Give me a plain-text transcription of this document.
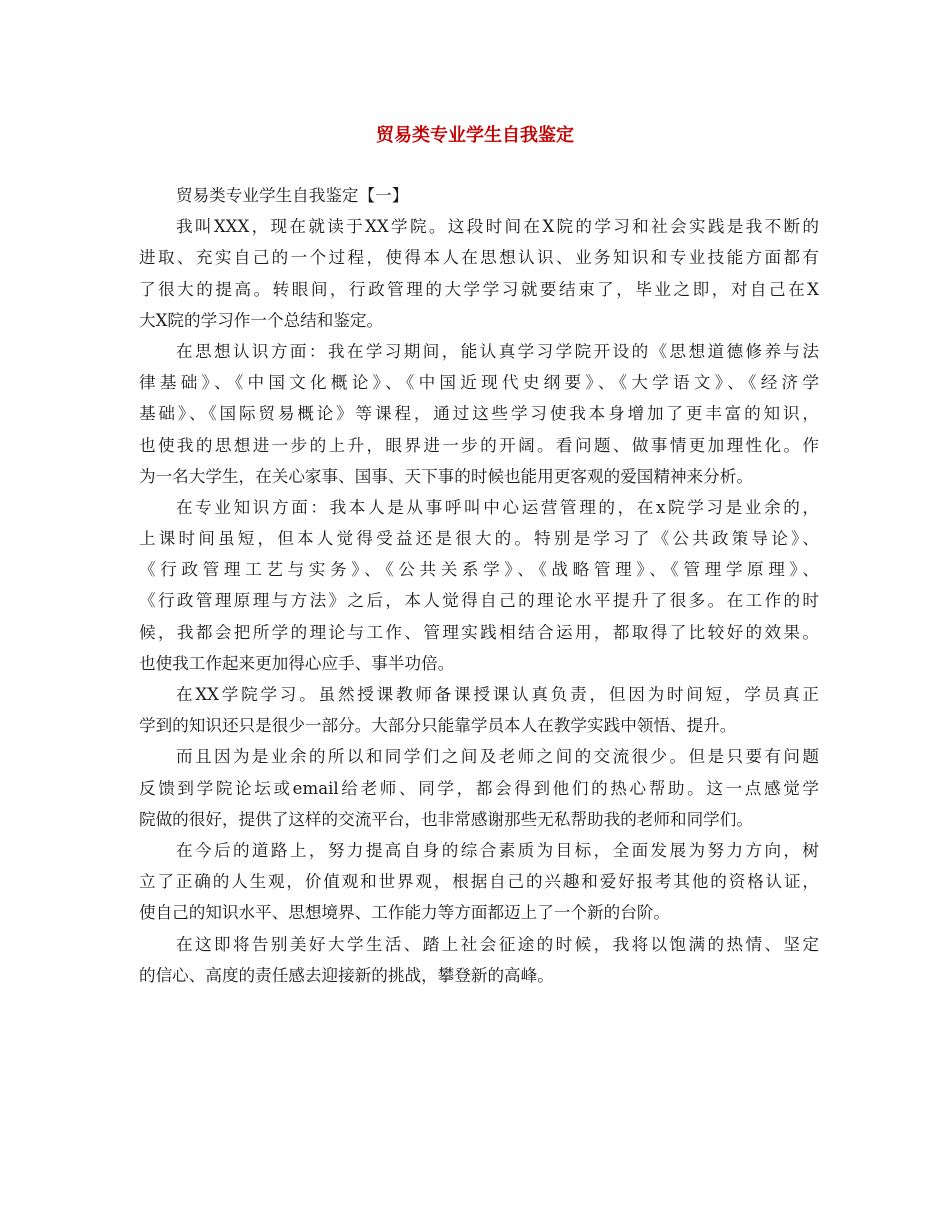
贸易类专业学生自我鉴定
贸易类专业学生自我鉴定【一】
我叫XXX，现在就读于XX学院。这段时间在X院的学习和社会实践是我不断的
进取、充实自己的一个过程，使得本人在思想认识、业务知识和专业技能方面都有
了很大的提高。转眼间，行政管理的大学学习就要结束了，毕业之即，对自己在X
大X院的学习作一个总结和鉴定。
在思想认识方面：我在学习期间，能认真学习学院开设的《思想道德修养与法
律基础》、《中国文化概论》、《中国近现代史纲要》、《大学语文》、《经济学
基础》、《国际贸易概论》等课程，通过这些学习使我本身增加了更丰富的知识，
也使我的思想进一步的上升，眼界进一步的开阔。看问题、做事情更加理性化。作
为一名大学生，在关心家事、国事、天下事的时候也能用更客观的爱国精神来分析。
在专业知识方面：我本人是从事呼叫中心运营管理的，在x院学习是业余的，
上课时间虽短，但本人觉得受益还是很大的。特别是学习了《公共政策导论》、
《行政管理工艺与实务》、《公共关系学》、《战略管理》、《管理学原理》、
《行政管理原理与方法》之后，本人觉得自己的理论水平提升了很多。在工作的时
候，我都会把所学的理论与工作、管理实践相结合运用，都取得了比较好的效果。
也使我工作起来更加得心应手、事半功倍。
在XX学院学习。虽然授课教师备课授课认真负责，但因为时间短，学员真正
学到的知识还只是很少一部分。大部分只能靠学员本人在教学实践中领悟、提升。
而且因为是业余的所以和同学们之间及老师之间的交流很少。但是只要有问题
反馈到学院论坛或email给老师、同学，都会得到他们的热心帮助。这一点感觉学
院做的很好，提供了这样的交流平台，也非常感谢那些无私帮助我的老师和同学们。
在今后的道路上，努力提高自身的综合素质为目标，全面发展为努力方向，树
立了正确的人生观，价值观和世界观，根据自己的兴趣和爱好报考其他的资格认证，
使自己的知识水平、思想境界、工作能力等方面都迈上了一个新的台阶。
在这即将告别美好大学生活、踏上社会征途的时候，我将以饱满的热情、坚定
的信心、高度的责任感去迎接新的挑战，攀登新的高峰。
